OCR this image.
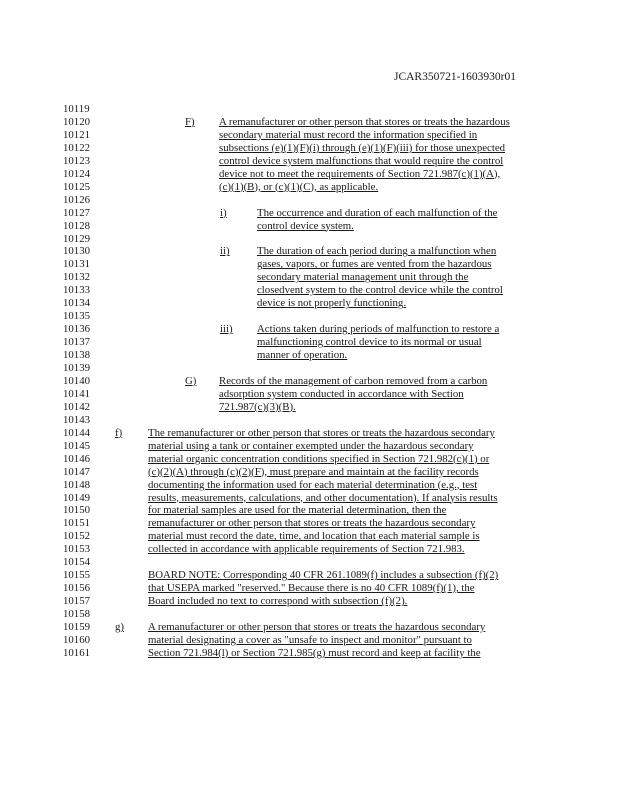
JCAR350721-1603930r01
10119
10120
10121
10122
10123
10124
10125
10126
10127
10128
10129
10130
10131
10132
10133
10134
10135
10136
10137
10138
10139
10140
10141
10142
10143
10144
10145
10146
10147
10148
10149
10150
10151
10152
10153
10154
10155
10156
10157
10158
10159
10160
10161
F) A remanufacturer or other person that stores or treats the hazardous
secondary material must record the information specified in
subsections (e)(1)(F)(i) through (e)(1)(F)(iii) for those unexpected
control device system malfunctions that would require the control
device not to meet the requirements of Section 721.987(c)(1)(A),
(c)(1)(B), or (c)(1)(C), as applicable.
i)	The occurrence and duration of each malfunction of the
control device system.
ii)	The duration of each period during a malfunction when
gases, vapors, or fumes are vented from the hazardous
secondary material management unit through the
closedvent system to the control device while the control
device is not properly functioning.
iii) Actions taken during periods of malfunction to restore a
malfunctioning control device to its normal or usual
manner of operation.
G) Records of the management of carbon removed from a carbon
adsorption system conducted in accordance with Section
721.987(c)(3)(B).
f) The remanufacturer or other person that stores or treats the hazardous secondary
material using a tank or container exempted under the hazardous secondary
material organic concentration conditions specified in Section 721.982(c)(1) or
(c)(2)(A) through (c)(2)(F), must prepare and maintain at the facility records
documenting the information used for each material determination (e.g., test
results, measurements, calculations, and other documentation). If analysis results
for material samples are used for the material determination, then the
remanufacturer or other person that stores or treats the hazardous secondary
material must record the date, time, and location that each material sample is
collected in accordance with applicable requirements of Section 721.983.
BOARD NOTE: Corresponding 40 CFR 261.1089(f) includes a subsection (f)(2)
that USEPA marked "reserved." Because there is no 40 CFR 1089(f)(1), the
Board included no text to correspond with subsection (f)(2).
g) A remanufacturer or other person that stores or treats the hazardous secondary
material designating a cover as "unsafe to inspect and monitor" pursuant to
Section 721.984(l) or Section 721.985(g) must record and keep at facility the
